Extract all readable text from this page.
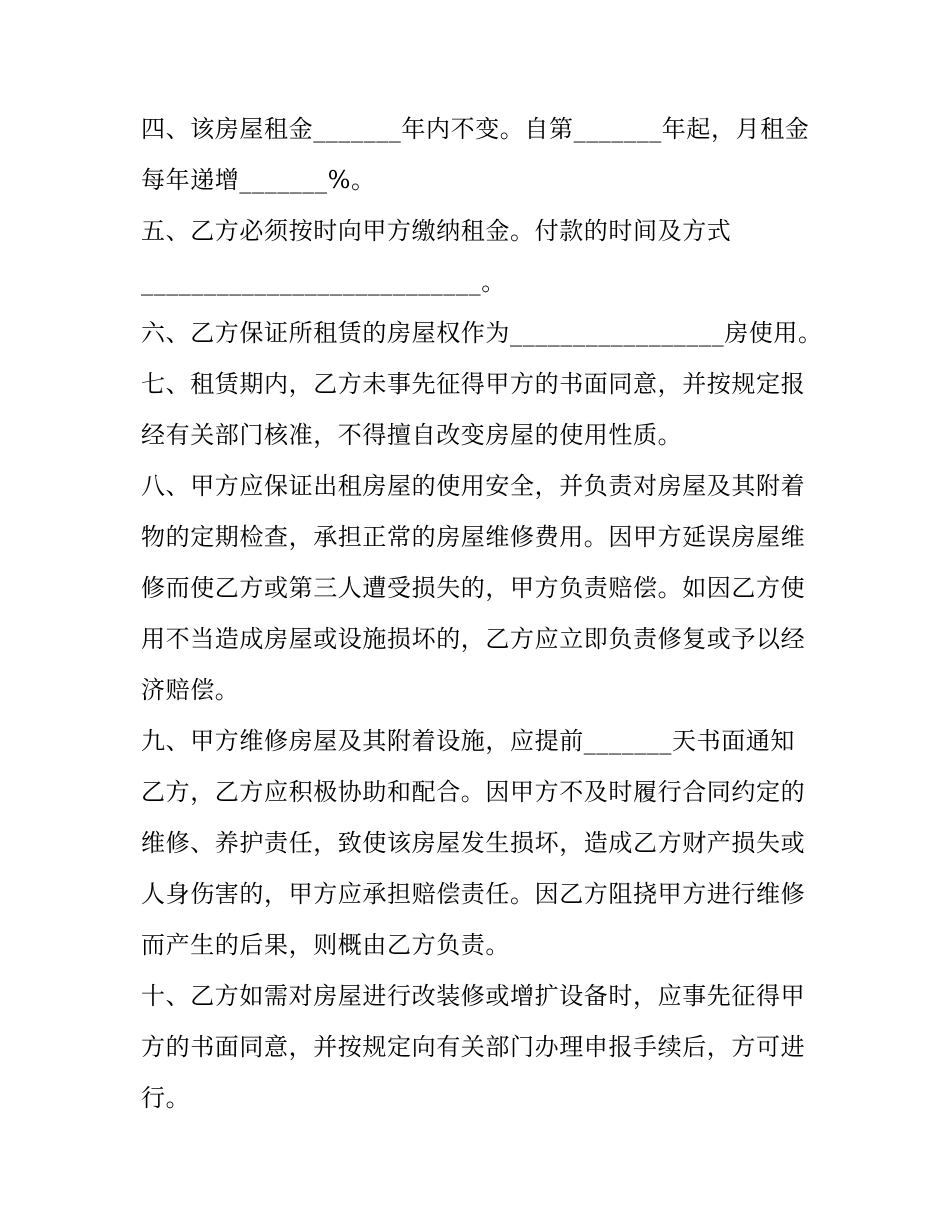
四、该房屋租金_______年内不变。自第_______年起，月租金
每年递增_______%。

五、乙方必须按时向甲方缴纳租金。付款的时间及方式
___________________________。

六、乙方保证所租赁的房屋权作为_________________房使用。

七、租赁期内，乙方未事先征得甲方的书面同意，并按规定报
经有关部门核准，不得擅自改变房屋的使用性质。

八、甲方应保证出租房屋的使用安全，并负责对房屋及其附着
物的定期检查，承担正常的房屋维修费用。因甲方延误房屋维
修而使乙方或第三人遭受损失的，甲方负责赔偿。如因乙方使
用不当造成房屋或设施损坏的，乙方应立即负责修复或予以经
济赔偿。

九、甲方维修房屋及其附着设施，应提前_______天书面通知
乙方，乙方应积极协助和配合。因甲方不及时履行合同约定的
维修、养护责任，致使该房屋发生损坏，造成乙方财产损失或
人身伤害的，甲方应承担赔偿责任。因乙方阻挠甲方进行维修
而产生的后果，则概由乙方负责。

十、乙方如需对房屋进行改装修或增扩设备时，应事先征得甲
方的书面同意，并按规定向有关部门办理申报手续后，方可进
行。
